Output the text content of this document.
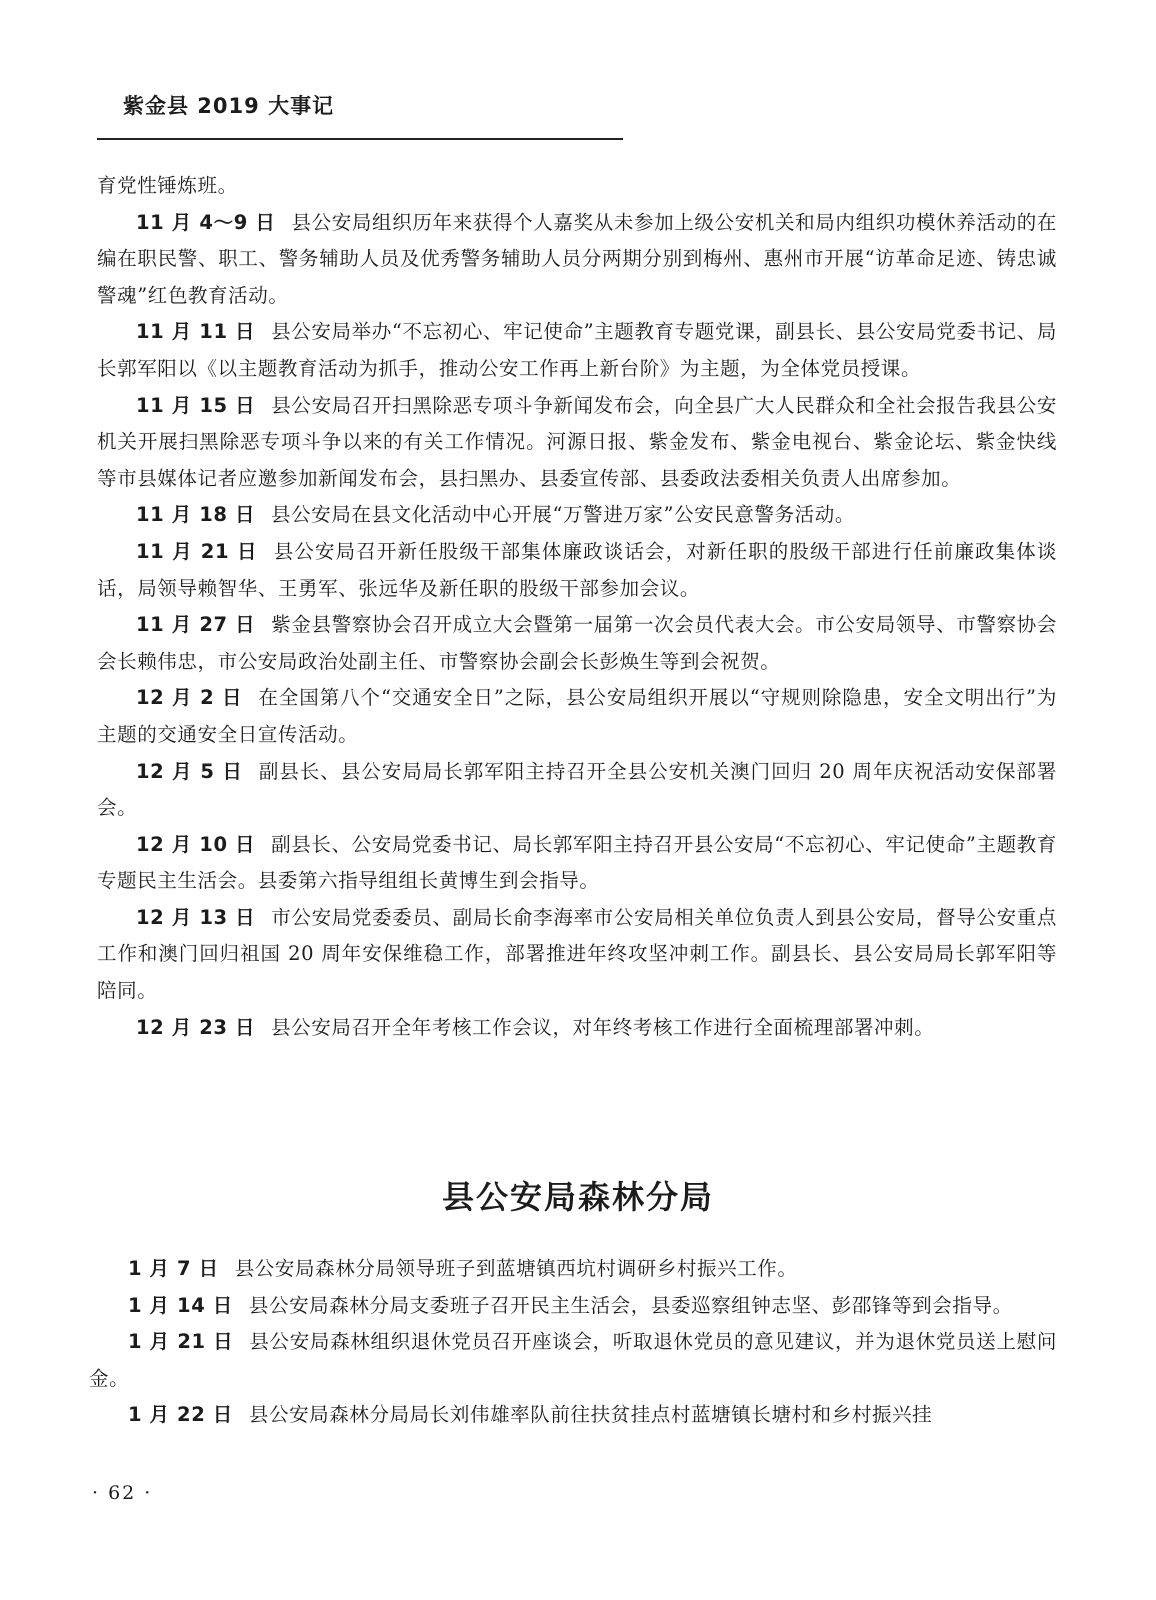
紫金县 2019 大事记

育党性锤炼班。

11 月 4～9 日 县公安局组织历年来获得个人嘉奖从未参加上级公安机关和局内组织功模休养活动的在编在职民警、职工、警务辅助人员及优秀警务辅助人员分两期分别到梅州、惠州市开展“访革命足迹、铸忠诚警魂”红色教育活动。

11 月 11 日 县公安局举办“不忘初心、牢记使命”主题教育专题党课，副县长、县公安局党委书记、局长郭军阳以《以主题教育活动为抓手，推动公安工作再上新台阶》为主题，为全体党员授课。

11 月 15 日 县公安局召开扫黑除恶专项斗争新闻发布会，向全县广大人民群众和全社会报告我县公安机关开展扫黑除恶专项斗争以来的有关工作情况。河源日报、紫金发布、紫金电视台、紫金论坛、紫金快线等市县媒体记者应邀参加新闻发布会，县扫黑办、县委宣传部、县委政法委相关负责人出席参加。

11 月 18 日 县公安局在县文化活动中心开展“万警进万家”公安民意警务活动。

11 月 21 日 县公安局召开新任股级干部集体廉政谈话会，对新任职的股级干部进行任前廉政集体谈话，局领导赖智华、王勇军、张远华及新任职的股级干部参加会议。

11 月 27 日 紫金县警察协会召开成立大会暨第一届第一次会员代表大会。市公安局领导、市警察协会会长赖伟忠，市公安局政治处副主任、市警察协会副会长彭焕生等到会祝贺。

12 月 2 日 在全国第八个“交通安全日”之际，县公安局组织开展以“守规则除隐患，安全文明出行”为主题的交通安全日宣传活动。

12 月 5 日 副县长、县公安局局长郭军阳主持召开全县公安机关澳门回归 20 周年庆祝活动安保部署会。

12 月 10 日 副县长、公安局党委书记、局长郭军阳主持召开县公安局“不忘初心、牢记使命”主题教育专题民主生活会。县委第六指导组组长黄博生到会指导。

12 月 13 日 市公安局党委委员、副局长俞李海率市公安局相关单位负责人到县公安局，督导公安重点工作和澳门回归祖国 20 周年安保维稳工作，部署推进年终攻坚冲刺工作。副县长、县公安局局长郭军阳等陪同。

12 月 23 日 县公安局召开全年考核工作会议，对年终考核工作进行全面梳理部署冲刺。

县公安局森林分局

1 月 7 日 县公安局森林分局领导班子到蓝塘镇西坑村调研乡村振兴工作。

1 月 14 日 县公安局森林分局支委班子召开民主生活会，县委巡察组钟志坚、彭邵锋等到会指导。

1 月 21 日 县公安局森林组织退休党员召开座谈会，听取退休党员的意见建议，并为退休党员送上慰问金。

1 月 22 日 县公安局森林分局局长刘伟雄率队前往扶贫挂点村蓝塘镇长塘村和乡村振兴挂

· 62 ·
